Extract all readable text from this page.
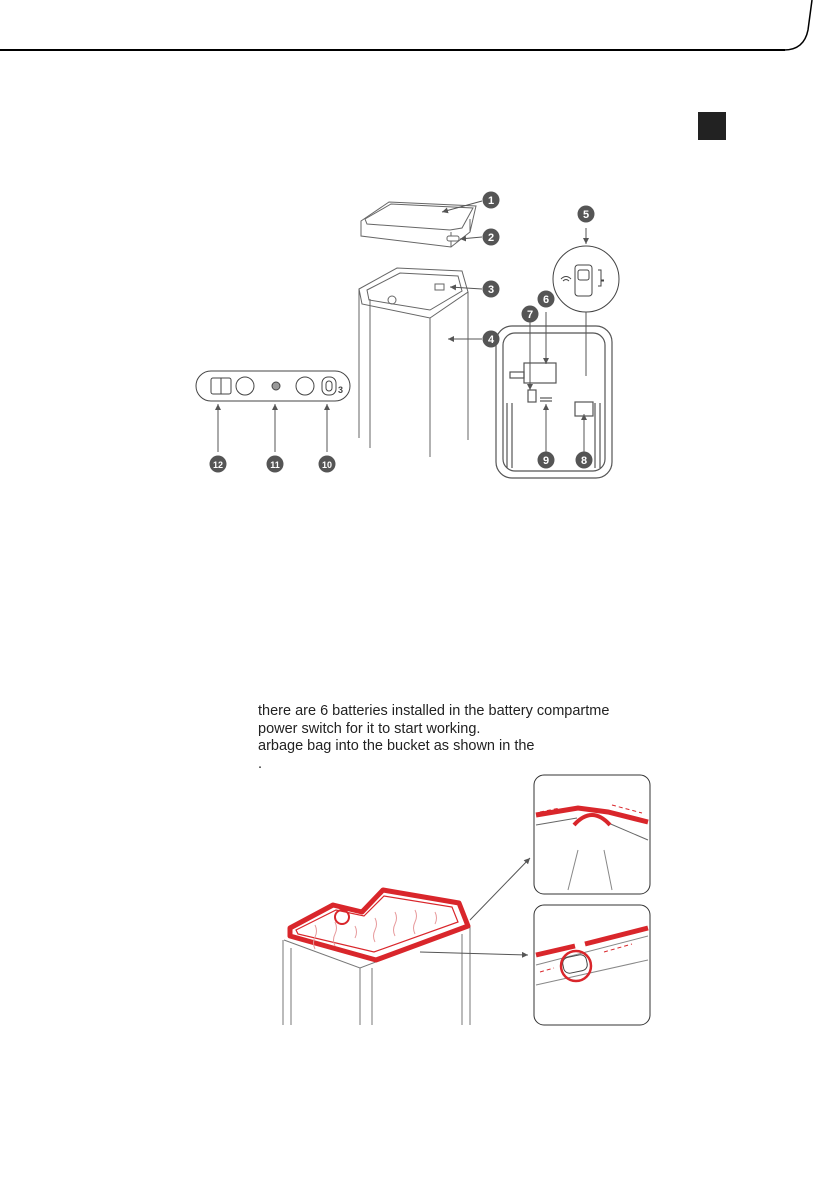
3
1
2
3
4
5
6
7
8
9
10
11
12
there are 6 batteries installed in the battery compartme
power switch for it to start working.
arbage bag into the bucket as shown in the
.
